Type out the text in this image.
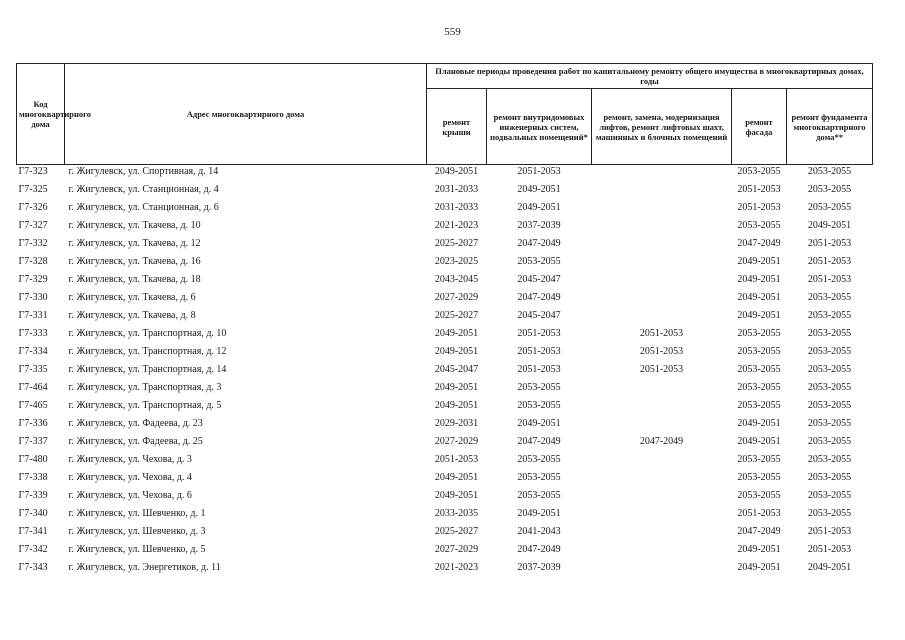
559
Код многоквартирного дома	Адрес многоквартирного дома	Плановые периоды проведения работ по капитальному ремонту общего имущества в многоквартирных домах, годы				
		ремонт крыши	ремонт внутридомовых инженерных систем, подвальных помещений*	ремонт, замена, модернизация лифтов, ремонт лифтовых шахт, машинных и блочных помещений	ремонт фасада	ремонт фундамента многоквартирного дома**
Г7-323	г. Жигулевск, ул. Спортивная, д. 14	2049-2051	2051-2053		2053-2055	2053-2055
Г7-325	г. Жигулевск, ул. Станционная, д. 4	2031-2033	2049-2051		2051-2053	2053-2055
Г7-326	г. Жигулевск, ул. Станционная, д. 6	2031-2033	2049-2051		2051-2053	2053-2055
Г7-327	г. Жигулевск, ул. Ткачева, д. 10	2021-2023	2037-2039		2053-2055	2049-2051
Г7-332	г. Жигулевск, ул. Ткачева, д. 12	2025-2027	2047-2049		2047-2049	2051-2053
Г7-328	г. Жигулевск, ул. Ткачева, д. 16	2023-2025	2053-2055		2049-2051	2051-2053
Г7-329	г. Жигулевск, ул. Ткачева, д. 18	2043-2045	2045-2047		2049-2051	2051-2053
Г7-330	г. Жигулевск, ул. Ткачева, д. 6	2027-2029	2047-2049		2049-2051	2053-2055
Г7-331	г. Жигулевск, ул. Ткачева, д. 8	2025-2027	2045-2047		2049-2051	2053-2055
Г7-333	г. Жигулевск, ул. Транспортная, д. 10	2049-2051	2051-2053	2051-2053	2053-2055	2053-2055
Г7-334	г. Жигулевск, ул. Транспортная, д. 12	2049-2051	2051-2053	2051-2053	2053-2055	2053-2055
Г7-335	г. Жигулевск, ул. Транспортная, д. 14	2045-2047	2051-2053	2051-2053	2053-2055	2053-2055
Г7-464	г. Жигулевск, ул. Транспортная, д. 3	2049-2051	2053-2055		2053-2055	2053-2055
Г7-465	г. Жигулевск, ул. Транспортная, д. 5	2049-2051	2053-2055		2053-2055	2053-2055
Г7-336	г. Жигулевск, ул. Фадеева, д. 23	2029-2031	2049-2051		2049-2051	2053-2055
Г7-337	г. Жигулевск, ул. Фадеева, д. 25	2027-2029	2047-2049	2047-2049	2049-2051	2053-2055
Г7-480	г. Жигулевск, ул. Чехова, д. 3	2051-2053	2053-2055		2053-2055	2053-2055
Г7-338	г. Жигулевск, ул. Чехова, д. 4	2049-2051	2053-2055		2053-2055	2053-2055
Г7-339	г. Жигулевск, ул. Чехова, д. 6	2049-2051	2053-2055		2053-2055	2053-2055
Г7-340	г. Жигулевск, ул. Шевченко, д. 1	2033-2035	2049-2051		2051-2053	2053-2055
Г7-341	г. Жигулевск, ул. Шевченко, д. 3	2025-2027	2041-2043		2047-2049	2051-2053
Г7-342	г. Жигулевск, ул. Шевченко, д. 5	2027-2029	2047-2049		2049-2051	2051-2053
Г7-343	г. Жигулевск, ул. Энергетиков, д. 11	2021-2023	2037-2039		2049-2051	2049-2051
